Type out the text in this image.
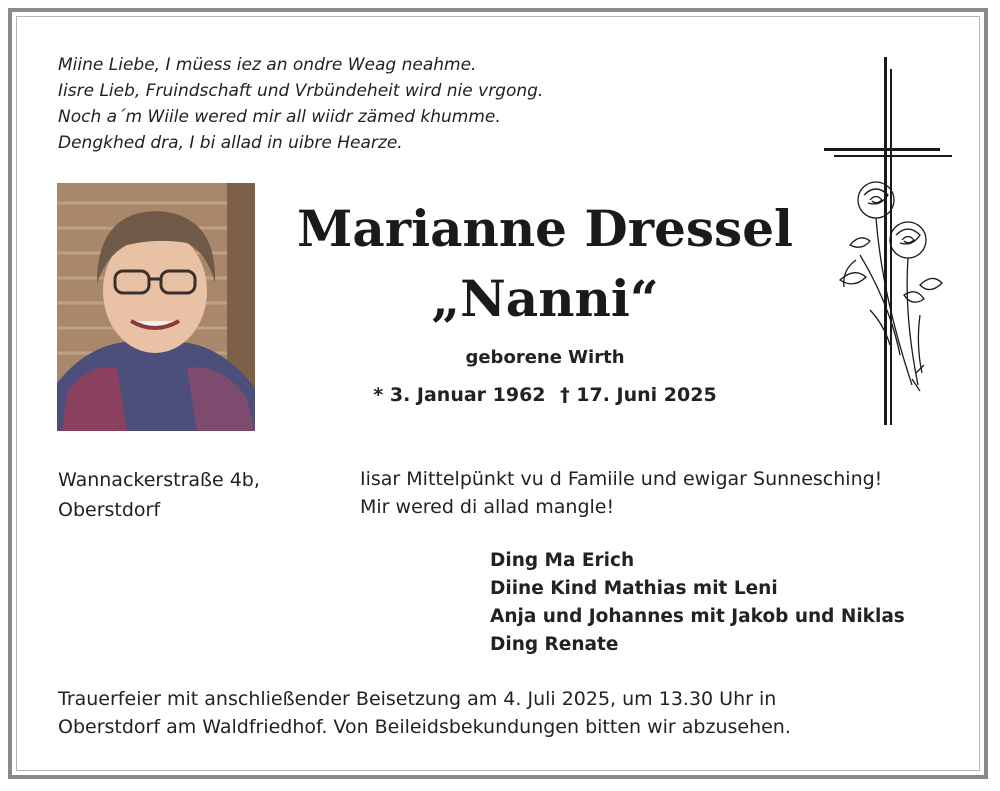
Miine Liebe, I müess iez an ondre Weag neahme.
Iisre Lieb, Fruindschaft und Vrbündeheit wird nie vrgong.
Noch a´m Wiile wered mir all wiidr zämed khumme.
Dengkhed dra, I bi allad in uibre Hearze.
Marianne Dressel
„Nanni“
geborene Wirth
* 3. Januar 1962 † 17. Juni 2025
Wannackerstraße 4b,
Oberstdorf
Iisar Mittelpünkt vu d Famiile und ewigar Sunnesching!
Mir wered di allad mangle!
Ding Ma Erich
Diine Kind Mathias mit Leni
Anja und Johannes mit Jakob und Niklas
Ding Renate
Trauerfeier mit anschließender Beisetzung am 4. Juli 2025, um 13.30 Uhr in
Oberstdorf am Waldfriedhof. Von Beileidsbekundungen bitten wir abzusehen.
